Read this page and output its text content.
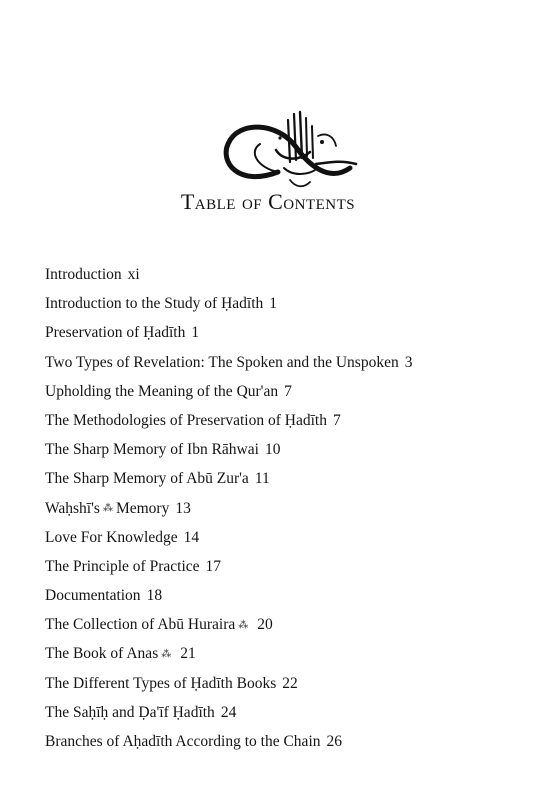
Table of Contents
Introduction xi
Introduction to the Study of Ḥadīth 1
Preservation of Ḥadīth 1
Two Types of Revelation: The Spoken and the Unspoken 3
Upholding the Meaning of the Qur'an 7
The Methodologies of Preservation of Ḥadīth 7
The Sharp Memory of Ibn Rāhwai 10
The Sharp Memory of Abū Zur'a 11
Waḥshī's ⁂ Memory 13
Love For Knowledge 14
The Principle of Practice 17
Documentation 18
The Collection of Abū Huraira ⁂ 20
The Book of Anas ⁂ 21
The Different Types of Ḥadīth Books 22
The Saḥīḥ and Ḍa'īf Ḥadīth 24
Branches of Aḥadīth According to the Chain 26
